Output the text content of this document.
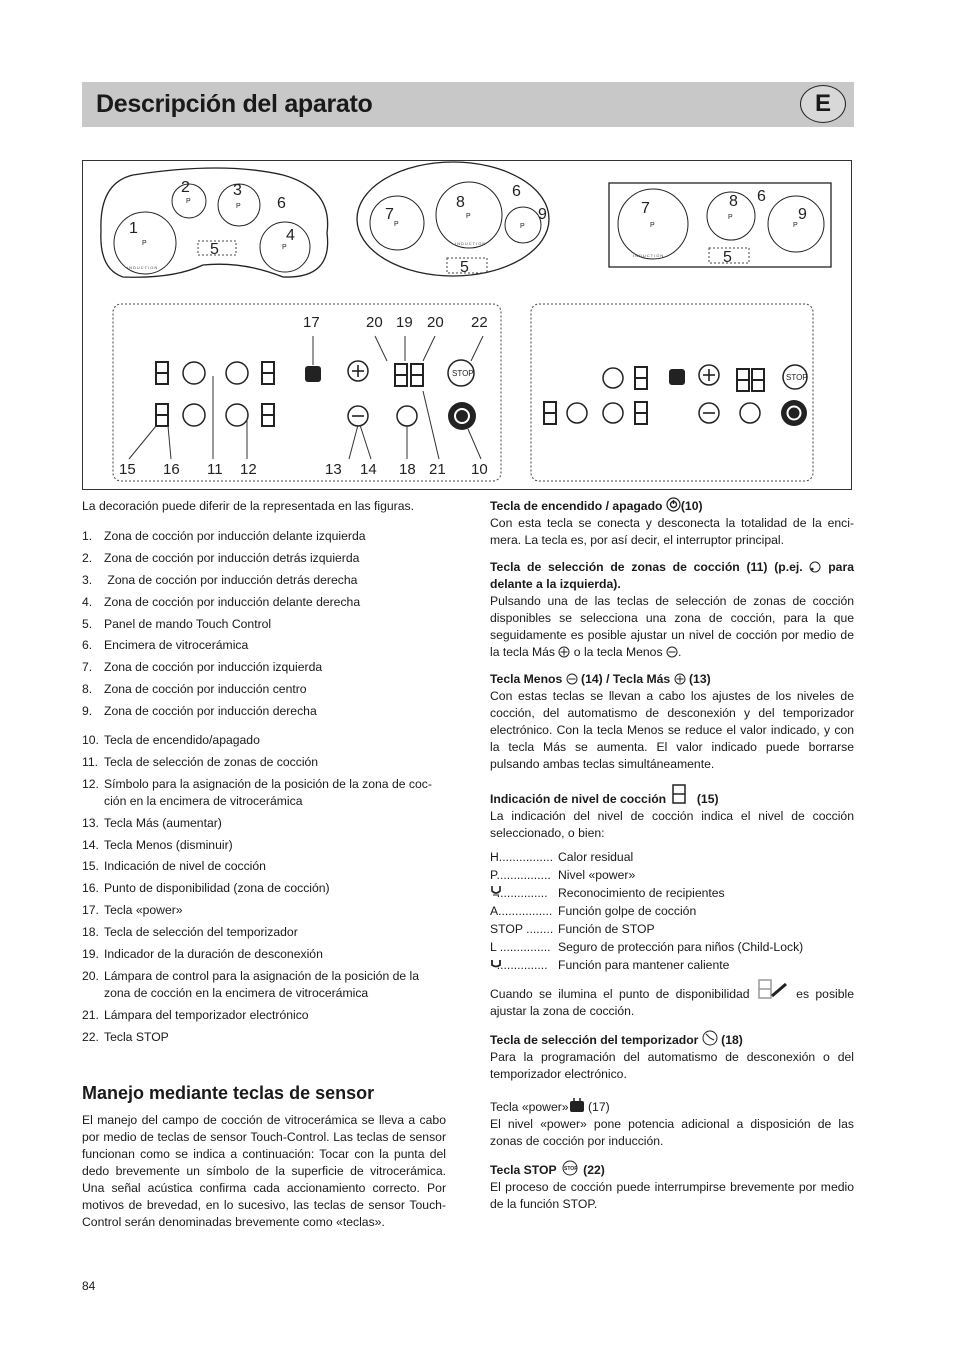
Descripción del aparato	E
STOP	STOP
P
P
P
P
P
P
P	P
P
P
INDUCTION
INDUCTION
INDUCTION
1
2	3
4
5
6
7
8
9
6
5
7	8
9
6
5
17	20 19 20 22
15 16 11 12	13 14 18 21 10
La decoración puede diferir de la representada en las figuras.
1. Zona de cocción por inducción delante izquierda
2. Zona de cocción por inducción detrás izquierda
3. Zona de cocción por inducción detrás derecha
4. Zona de cocción por inducción delante derecha
5. Panel de mando Touch Control
6. Encimera de vitrocerámica
7. Zona de cocción por inducción izquierda
8. Zona de cocción por inducción centro
9. Zona de cocción por inducción derecha
10. Tecla de encendido/apagado
11. Tecla de selección de zonas de cocción
12. Símbolo para la asignación de la posición de la zona de cocción en la encimera de vitrocerámica
13. Tecla Más (aumentar)
14. Tecla Menos (disminuir)
15. Indicación de nivel de cocción
16. Punto de disponibilidad (zona de cocción)
17. Tecla «power»
18. Tecla de selección del temporizador
19. Indicador de la duración de desconexión
20. Lámpara de control para la asignación de la posición de la zona de cocción en la encimera de vitrocerámica
21. Lámpara del temporizador electrónico
22. Tecla STOP
Manejo mediante teclas de sensor

El manejo del campo de cocción de vitrocerámica se lleva a cabo por medio de teclas de sensor Touch-Control. Las teclas de sensor funcionan como se indica a continuación: Tocar con la punta del dedo brevemente un símbolo de la superficie de vitrocerámica. Una señal acústica confirma cada accionamiento correcto. Por motivos de brevedad, en lo sucesivo, las teclas de sensor Touch-Control serán denominadas brevemente como «teclas».

Tecla de encendido / apagado (10)

Con esta tecla se conecta y desconecta la totalidad de la encimera. La tecla es, por así decir, el interruptor principal.

Tecla de selección de zonas de cocción (11) (p.ej.  para delante a la izquierda).

Pulsando una de las teclas de selección de zonas de cocción disponibles se selecciona una zona de cocción, para la que seguidamente es posible ajustar un nivel de cocción por medio de la tecla Más  o la tecla Menos .

Tecla Menos  (14) / Tecla Más  (13)

Con estas teclas se llevan a cabo los ajustes de los niveles de cocción, del automatismo de desconexión y del temporizador electrónico. Con la tecla Menos se reduce el valor indicado, y con la tecla Más se aumenta. El valor indicado puede borrarse pulsando ambas teclas simultáneamente.

Indicación de nivel de cocción  (15)

La indicación del nivel de cocción indica el nivel de cocción seleccionado, o bien:

H................ Calor residual
P................ Nivel «power»
............... Reconocimiento de recipientes
A................ Función golpe de cocción
STOP ........ Función de STOP
L ............... Seguro de protección para niños (Child-Lock)
............... Función para mantener caliente

Cuando se ilumina el punto de disponibilidad	es posible ajustar la zona de cocción.

Tecla de selección del temporizador  (18)

Para la programación del automatismo de desconexión o del temporizador electrónico.

Tecla «power» (17)

El nivel «power» pone potencia adicional a disposición de las zonas de cocción por inducción.

Tecla STOP STOP (22)

El proceso de cocción puede interrumpirse brevemente por medio de la función STOP.

84
